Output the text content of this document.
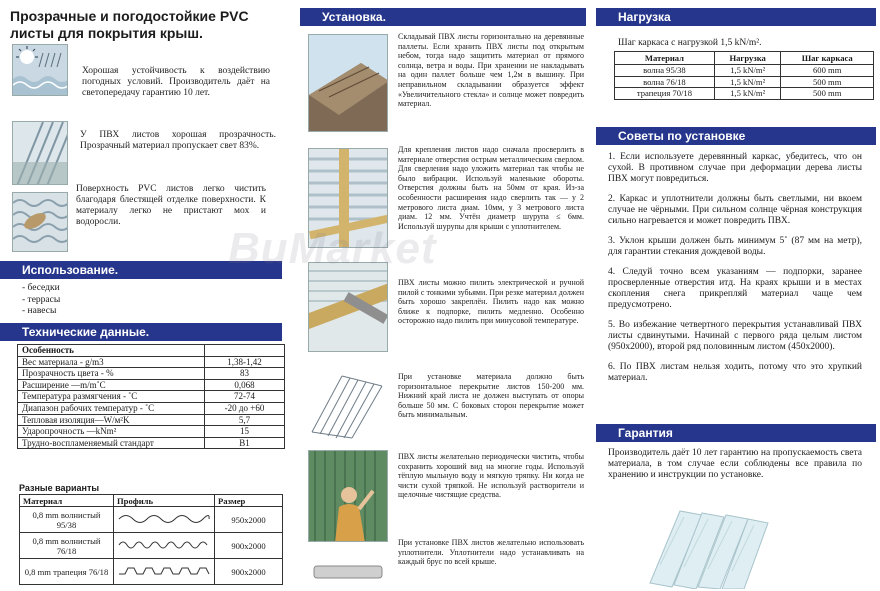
Прозрачные и погодостойкие PVC листы для покрытия крыш.
Хорошая устойчивость к воздействию погодных условий. Производитель даёт на светопередачу гарантию 10 лет.
У ПВХ листов хорошая прозрачность. Прозрачный материал пропускает свет 83%.
Поверхность PVC листов легко чистить благодаря блестящей отделке поверхности. К материалу легко не пристают мох и водоросли.
Использование.
- беседки
- терраcы
- навесы
Технические данные.
Особенность	
Вес материала - g/m3	1,38-1,42
Прозрачность цвета - %	83
Расширение —m/m˚C	0,068
Температура размягчения - ˚C	72-74
Диапазон рабочих температур - ˚C	-20 до +60
Тепловая изоляция—W/м²K	5,7
Ударопрочность —kNm²	15
Трудно-воспламеняемый стандарт	B1
Разные варианты
Материал	Профиль	Размер
0,8 mm волнистый 95/38		950x2000
0,8 mm волнистый 76/18		900x2000
0,8 mm трапеция 76/18		900x2000
Установка.
Складывай ПВХ листы горизонтально на деревянные паллеты. Если хранить ПВХ листы под открытым небом, тогда надо защитить материал от прямого солнца, ветра и воды. При хранении не накладывать на один паллет больше чем 1,2м в вышину. При неправильном складывании образуется эффект «Увеличительного стекла» и солнце может повредить материал.
Для крепления листов надо сначала просверлить в материале отверстия острым металлическим сверлом. Для сверления надо уложить материал так чтобы не было вибрации. Используй маленькие обороты. Отверстия должны быть на 50мм от края. Из-за особенности расширения надо сверлить так — у 2 метрового листа диам. 10мм, у 3 метрового листа диам. 12 мм. Учтён диаметр шурупа ≤ 6мм. Используй шурупы для крыши с уплотнителем.
ПВХ листы можно пилить электрической и ручной пилой с тонкими зубьями. При резке материал должен быть хорошо закреплён. Пилить надо как можно ближе к подпорке, пилить медленно. Особенно осторожно надо пилить при минусовой температуре.
При установке материала должно быть горизонтальное перекрытие листов 150-200 мм. Нижний край листа не должен выступать от опоры больше 50 мм. С боковых сторон перекрытие может быть минимальным.
ПВХ листы желательно периодически чистить, чтобы сохранить хороший вид на многие годы. Используй тёплую мыльную воду и мягкую тряпку. Ни когда не чисти сухой тряпкой. Не используй растворители и щелочные чистящие средства.
При установке ПВХ листов желательно использовать уплотнители. Уплотнители надо устанавливать на каждый брус по всей крыше.
Нагрузка
Шаг каркаса с нагрузкой 1,5 kN/m².
Материал	Нагрузка	Шаг каркаса
волна 95/38	1,5 kN/m²	600 mm
волна 76/18	1,5 kN/m²	500 mm
трапеция 70/18	1,5 kN/m²	500 mm
Советы по установке

1. Если используете деревянный каркас, убедитесь, что он сухой. В противном случае при деформации дерева листы ПВХ могут повредиться.

2. Каркас и уплотнители должны быть светлыми, ни вкоем случае не чёрными. При сильном солнце чёрная конструкция сильно нагревается и может повредить ПВХ.

3. Уклон крыши должен быть минимум 5˚ (87 мм на метр), для гарантии стекания дождевой воды.

4. Следуй точно всем указаниям — подпорки, заранее просверленные отверстия итд. На краях крыши и в местах скопления снега прикрепляй материал чаще чем предусмотрено.

5. Во избежание четвертного перекрытия устанавливай ПВХ листы сдвинутыми. Начинай с первого ряда целым листом (950x2000), второй ряд половинным листом (450x2000).

6. По ПВХ листам нельзя ходить, потому что это хрупкий материал.

Гарантия
Производитель даёт 10 лет гарантию на пропускаемость света материала, в том случае если соблюдены все правила по хранению и инструкции по установке.
BuMarket
